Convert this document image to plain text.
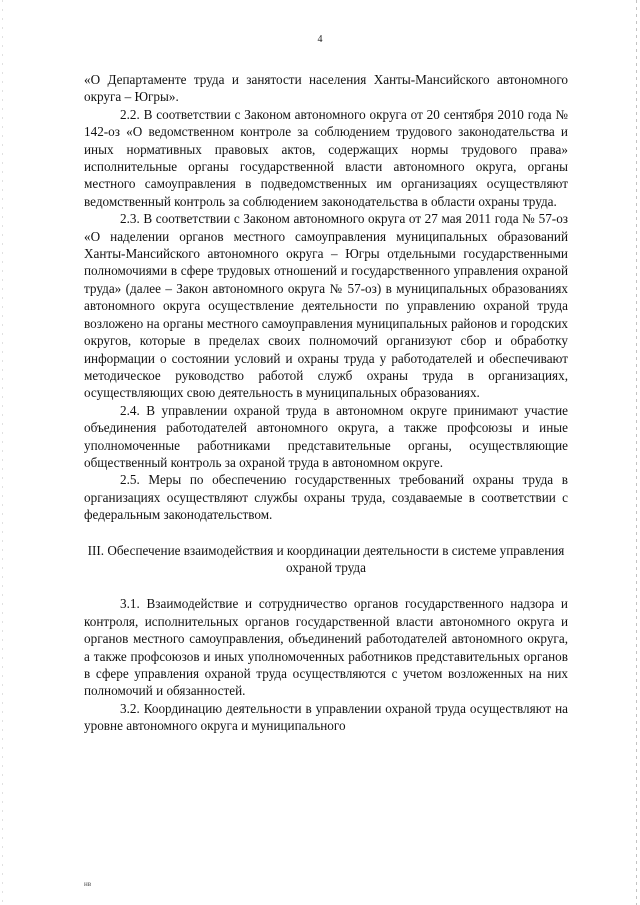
4

«О Департаменте труда и занятости населения Ханты-Мансийского автономного округа – Югры».

2.2. В соответствии с Законом автономного округа от 20 сентября 2010 года № 142-оз «О ведомственном контроле за соблюдением трудового законодательства и иных нормативных правовых актов, содержащих нормы трудового права» исполнительные органы государственной власти автономного округа, органы местного самоуправления в подведомственных им организациях осуществляют ведомственный контроль за соблюдением законодательства в области охраны труда.

2.3. В соответствии с Законом автономного округа от 27 мая 2011 года № 57-оз «О наделении органов местного самоуправления муниципальных образований Ханты-Мансийского автономного округа – Югры отдельными государственными полномочиями в сфере трудовых отношений и государственного управления охраной труда» (далее – Закон автономного округа № 57-оз) в муниципальных образованиях автономного округа осуществление деятельности по управлению охраной труда возложено на органы местного самоуправления муниципальных районов и городских округов, которые в пределах своих полномочий организуют сбор и обработку информации о состоянии условий и охраны труда у работодателей и обеспечивают методическое руководство работой служб охраны труда в организациях, осуществляющих свою деятельность в муниципальных образованиях.

2.4. В управлении охраной труда в автономном округе принимают участие объединения работодателей автономного округа, а также профсоюзы и иные уполномоченные работниками представительные органы, осуществляющие общественный контроль за охраной труда в автономном округе.

2.5. Меры по обеспечению государственных требований охраны труда в организациях осуществляют службы охраны труда, создаваемые в соответствии с федеральным законодательством.

III. Обеспечение взаимодействия и координации деятельности в системе управления охраной труда

3.1. Взаимодействие и сотрудничество органов государственного надзора и контроля, исполнительных органов государственной власти автономного округа и органов местного самоуправления, объединений работодателей автономного округа, а также профсоюзов и иных уполномоченных работников представительных органов в сфере управления охраной труда осуществляются с учетом возложенных на них полномочий и обязанностей.

3.2. Координацию деятельности в управлении охраной труда осуществляют на уровне автономного округа и муниципального

нв
